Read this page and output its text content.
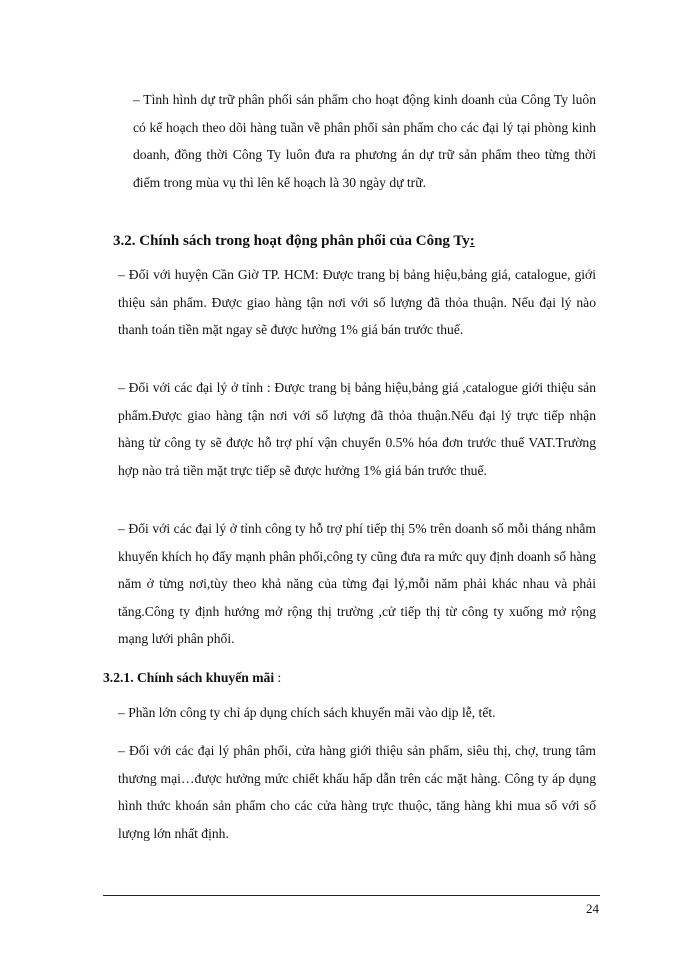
– Tình hình dự trữ phân phối sản phẩm cho hoạt động kinh doanh của Công Ty luôn có kế hoạch theo dõi hàng tuần về phân phối sản phẩm cho các đại lý tại phòng kinh doanh, đồng thời Công Ty luôn đưa ra phương án dự trữ sản phẩm theo từng thời điểm trong mùa vụ thì lên kế hoạch là 30 ngày dự trữ.

3.2. Chính sách trong hoạt động phân phối của Công Ty:

– Đối với huyện Cần Giờ TP. HCM: Được trang bị bảng hiệu,bảng giá, catalogue, giới thiệu sản phẩm. Được giao hàng tận nơi với số lượng đã thỏa thuận. Nếu đại lý nào thanh toán tiền mặt ngay sẽ được hưởng 1% giá bán trước thuế.

– Đối với các đại lý ở tỉnh : Được trang bị bảng hiệu,bảng giá ,catalogue giới thiệu sản phẩm.Được giao hàng tận nơi với số lượng đã thỏa thuận.Nếu đại lý trực tiếp nhận hàng từ công ty sẽ được hỗ trợ phí vận chuyển 0.5% hóa đơn trước thuế VAT.Trường hợp nào trả tiền mặt trực tiếp sẽ được hưởng 1% giá bán trước thuế.

– Đối với các đại lý ở tỉnh công ty hỗ trợ phí tiếp thị 5% trên doanh số mỗi tháng nhằm khuyến khích họ đẩy mạnh phân phối,công ty cũng đưa ra mức quy định doanh số hàng năm ở từng nơi,tùy theo khả năng của từng đại lý,mỗi năm phải khác nhau và phải tăng.Công ty định hướng mở rộng thị trường ,cử tiếp thị từ công ty xuống mở rộng mạng lưới phân phối.

3.2.1. Chính sách khuyến mãi :

– Phần lớn công ty chỉ áp dụng chích sách khuyến mãi vào dịp lễ, tết.

– Đối với các đại lý phân phối, cửa hàng giới thiệu sản phẩm, siêu thị, chợ, trung tâm thương mại…được hưởng mức chiết khấu hấp dẫn trên các mặt hàng. Công ty áp dụng hình thức khoán sản phẩm cho các cửa hàng trực thuộc, tăng hàng khi mua số với số lượng lớn nhất định.

24
